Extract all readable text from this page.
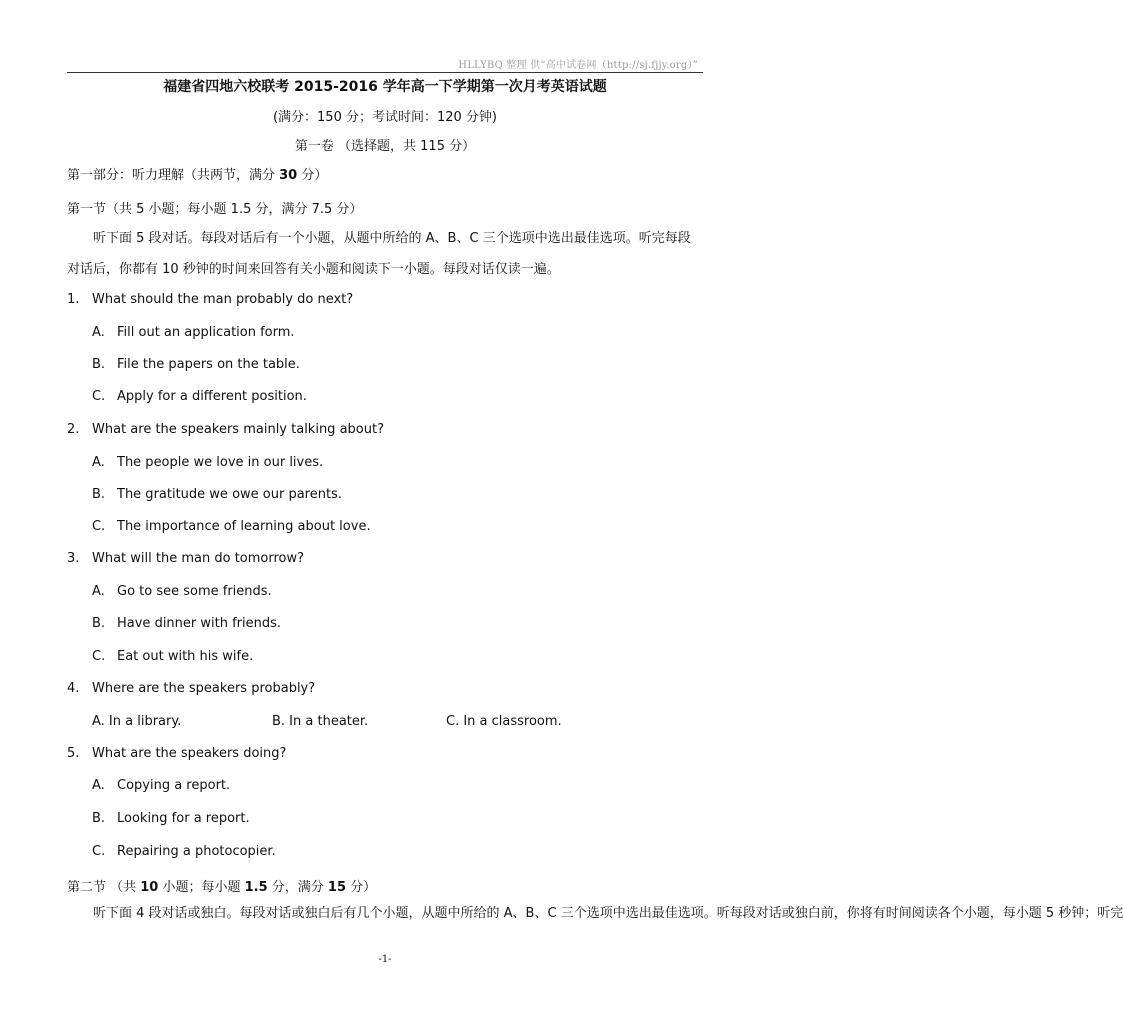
HLLYBQ 整理 供“高中试卷网（http://sj.fjjy.org）”
福建省四地六校联考 2015-2016 学年高一下学期第一次月考英语试题
(满分：150 分；考试时间：120 分钟)
第一卷 （选择题，共 115 分）
第一部分：听力理解（共两节，满分 30 分）
第一节（共 5 小题；每小题 1.5 分，满分 7.5 分）
听下面 5 段对话。每段对话后有一个小题，从题中所给的 A、B、C 三个选项中选出最佳选项。听完每段对话后，你都有 10 秒钟的时间来回答有关小题和阅读下一小题。每段对话仅读一遍。
1. What should the man probably do next?
A. Fill out an application form.
B. File the papers on the table.
C. Apply for a different position.
2. What are the speakers mainly talking about?
A. The people we love in our lives.
B. The gratitude we owe our parents.
C. The importance of learning about love.
3. What will the man do tomorrow?
A. Go to see some friends.
B. Have dinner with friends.
C. Eat out with his wife.
4. Where are the speakers probably?
A. In a library.	B. In a theater.	C. In a classroom.
5. What are the speakers doing?
A. Copying a report.
B. Looking for a report.
C. Repairing a photocopier.
第二节 （共 10 小题；每小题 1.5 分，满分 15 分）
听下面 4 段对话或独白。每段对话或独白后有几个小题，从题中所给的 A、B、C 三个选项中选出最佳选项。听每段对话或独白前，你将有时间阅读各个小题，每小题 5 秒钟；听完
-1-
